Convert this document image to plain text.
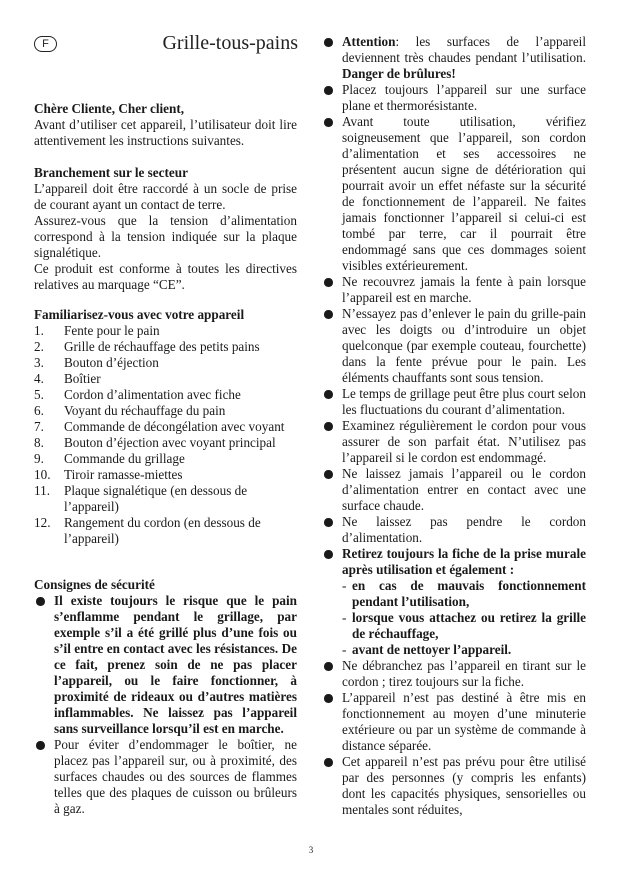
F	Grille-tous-pains
Chère Cliente, Cher client,

Avant d’utiliser cet appareil, l’utilisateur doit lire attentivement les instructions suivantes.

Branchement sur le secteur

L’appareil doit être raccordé à un socle de prise de courant ayant un contact de terre.

Assurez-vous que la tension d’alimentation correspond à la tension indiquée sur la plaque signalétique.

Ce produit est conforme à toutes les directives relatives au marquage “CE”.

Familiarisez-vous avec votre appareil
1. Fente pour le pain
2. Grille de réchauffage des petits pains
3. Bouton d’éjection
4. Boîtier
5. Cordon d’alimentation avec fiche
6. Voyant du réchauffage du pain
7. Commande de décongélation avec voyant
8. Bouton d’éjection avec voyant principal
9. Commande du grillage
10. Tiroir ramasse-miettes
11. Plaque signalétique (en dessous de l’appareil)
12. Rangement du cordon (en dessous de l’appareil)
Consignes de sécurité
Il existe toujours le risque que le pain s’enflamme pendant le grillage, par exemple s’il a été grillé plus d’une fois ou s’il entre en contact avec les résistances. De ce fait, prenez soin de ne pas placer l’appareil, ou le faire fonctionner, à proximité de rideaux ou d’autres matières inflammables. Ne laissez pas l’appareil sans surveillance lorsqu’il est en marche.
Pour éviter d’endommager le boîtier, ne placez pas l’appareil sur, ou à proximité, des surfaces chaudes ou des sources de flammes telles que des plaques de cuisson ou brûleurs à gaz.
Attention: les surfaces de l’appareil deviennent très chaudes pendant l’utilisation. Danger de brûlures!
Placez toujours l’appareil sur une surface plane et thermorésistante.
Avant toute utilisation, vérifiez soigneusement que l’appareil, son cordon d’alimentation et ses accessoires ne présentent aucun signe de détérioration qui pourrait avoir un effet néfaste sur la sécurité de fonctionnement de l’appareil. Ne faites jamais fonctionner l’appareil si celui-ci est tombé par terre, car il pourrait être endommagé sans que ces dommages soient visibles extérieurement.
Ne recouvrez jamais la fente à pain lorsque l’appareil est en marche.
N’essayez pas d’enlever le pain du grille-pain avec les doigts ou d’introduire un objet quelconque (par exemple couteau, fourchette) dans la fente prévue pour le pain. Les éléments chauffants sont sous tension.
Le temps de grillage peut être plus court selon les fluctuations du courant d’alimentation.
Examinez régulièrement le cordon pour vous assurer de son parfait état. N’utilisez pas l’appareil si le cordon est endommagé.
Ne laissez jamais l’appareil ou le cordon d’alimentation entrer en contact avec une surface chaude.
Ne laissez pas pendre le cordon d’alimentation.
Retirez toujours la fiche de la prise murale après utilisation et également :
- en cas de mauvais fonctionnement pendant l’utilisation,
- lorsque vous attachez ou retirez la grille de réchauffage,
- avant de nettoyer l’appareil.
Ne débranchez pas l’appareil en tirant sur le cordon ; tirez toujours sur la fiche.
L’appareil n’est pas destiné à être mis en fonctionnement au moyen d’une minuterie extérieure ou par un système de commande à distance séparée.
Cet appareil n’est pas prévu pour être utilisé par des personnes (y compris les enfants) dont les capacités physiques, sensorielles ou mentales sont réduites,
3
